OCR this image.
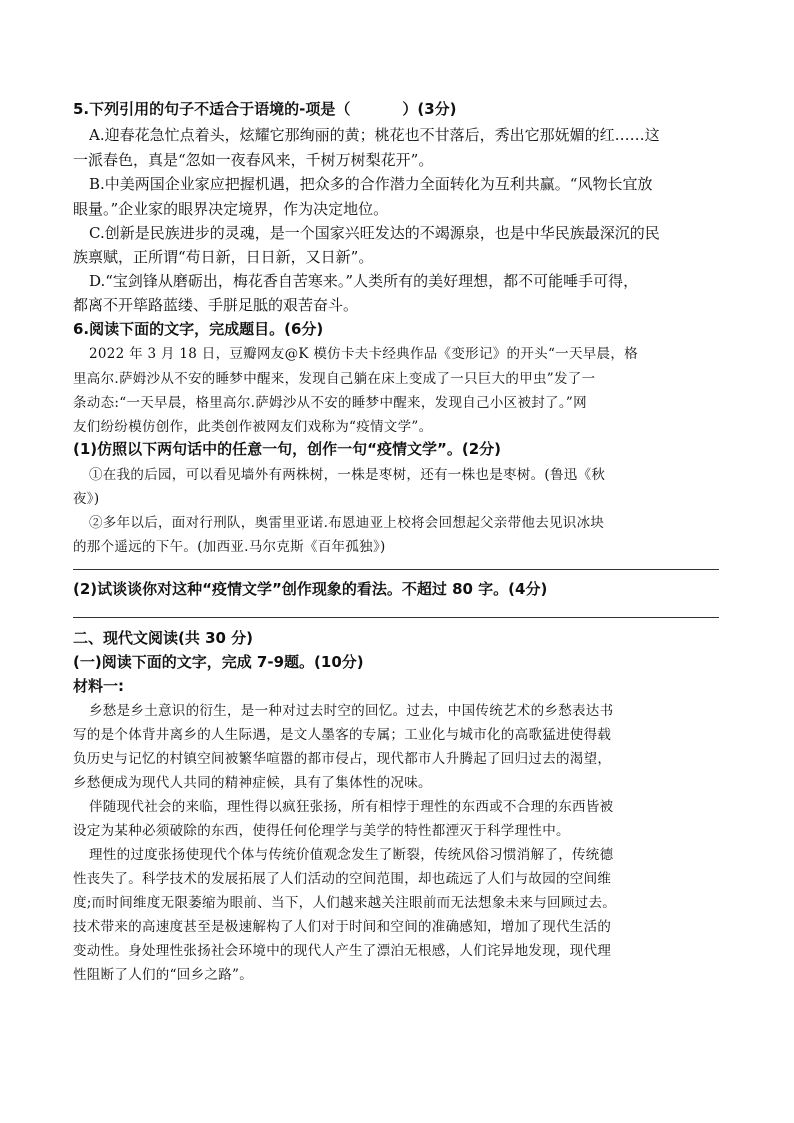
5.下列引用的句子不适合于语境的-项是（	）(3分)
A.迎春花急忙点着头，炫耀它那绚丽的黄；桃花也不甘落后，秀出它那妩媚的红……这
一派春色，真是“忽如一夜春风来，千树万树梨花开”。
B.中美两国企业家应把握机遇，把众多的合作潜力全面转化为互利共赢。“风物长宜放
眼量。”企业家的眼界决定境界，作为决定地位。
C.创新是民族进步的灵魂，是一个国家兴旺发达的不竭源泉，也是中华民族最深沉的民
族禀赋，正所谓“苟日新，日日新，又日新”。
D.“宝剑锋从磨砺出，梅花香自苦寒来。”人类所有的美好理想，都不可能唾手可得，
都离不开筚路蓝缕、手胼足胝的艰苦奋斗。
6.阅读下面的文字，完成题目。(6分)
2022 年 3 月 18 日，豆瓣网友@K 模仿卡夫卡经典作品《变形记》的开头“一天早晨，格
里高尔.萨姆沙从不安的睡梦中醒来，发现自己躺在床上变成了一只巨大的甲虫”发了一
条动态:“一天早晨，格里高尔.萨姆沙从不安的睡梦中醒来，发现自己小区被封了。”网
友们纷纷模仿创作，此类创作被网友们戏称为“疫情文学”。
(1)仿照以下两句话中的任意一句，创作一句“疫情文学”。(2分)
①在我的后园，可以看见墙外有两株树，一株是枣树，还有一株也是枣树。(鲁迅《秋
夜》)
②多年以后，面对行刑队，奥雷里亚诺.布恩迪亚上校将会回想起父亲带他去见识冰块
的那个遥远的下午。(加西亚.马尔克斯《百年孤独》)
(2)试谈谈你对这种“疫情文学”创作现象的看法。不超过 80 字。(4分)
二、现代文阅读(共 30 分)
(一)阅读下面的文字，完成 7-9题。(10分)
材料一:
乡愁是乡土意识的衍生，是一种对过去时空的回忆。过去，中国传统艺术的乡愁表达书
写的是个体背井离乡的人生际遇，是文人墨客的专属；工业化与城市化的高歌猛进使得载
负历史与记忆的村镇空间被繁华喧嚣的都市侵占，现代都市人升腾起了回归过去的渴望，
乡愁便成为现代人共同的精神症候，具有了集体性的况味。
伴随现代社会的来临，理性得以疯狂张扬，所有相悖于理性的东西或不合理的东西皆被
设定为某种必须破除的东西，使得任何伦理学与美学的特性都湮灭于科学理性中。
理性的过度张扬使现代个体与传统价值观念发生了断裂，传统风俗习惯消解了，传统德
性丧失了。科学技术的发展拓展了人们活动的空间范围，却也疏远了人们与故园的空间维
度;而时间维度无限萎缩为眼前、当下，人们越来越关注眼前而无法想象未来与回顾过去。
技术带来的高速度甚至是极速解构了人们对于时间和空间的准确感知，增加了现代生活的
变动性。身处理性张扬社会环境中的现代人产生了漂泊无根感，人们诧异地发现，现代理
性阻断了人们的“回乡之路”。
